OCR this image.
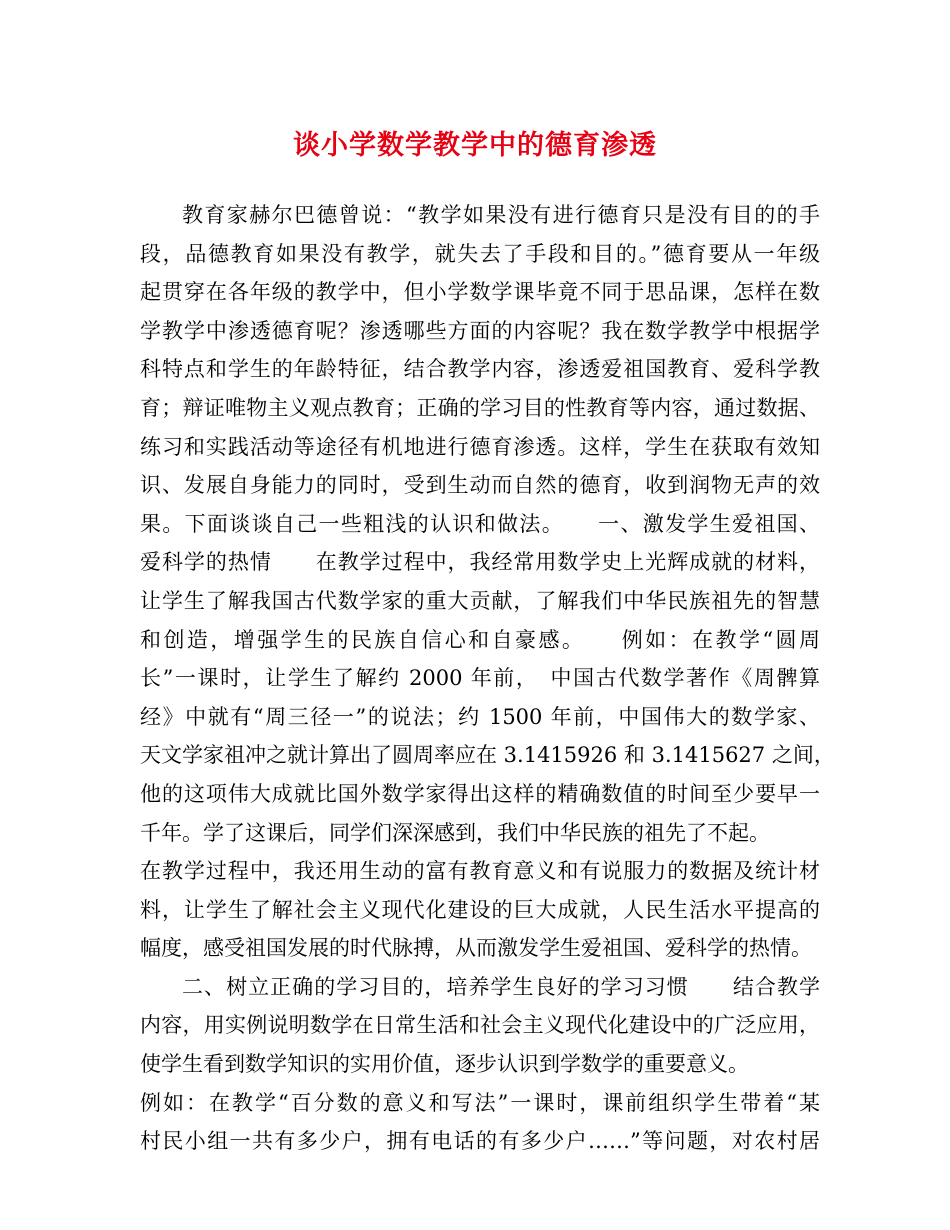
谈小学数学教学中的德育渗透
教育家赫尔巴德曾说：“教学如果没有进行德育只是没有目的的手
段，品德教育如果没有教学，就失去了手段和目的。”德育要从一年级
起贯穿在各年级的教学中，但小学数学课毕竟不同于思品课，怎样在数
学教学中渗透德育呢？渗透哪些方面的内容呢？我在数学教学中根据学
科特点和学生的年龄特征，结合教学内容，渗透爱祖国教育、爱科学教
育；辩证唯物主义观点教育；正确的学习目的性教育等内容，通过数据、
练习和实践活动等途径有机地进行德育渗透。这样，学生在获取有效知
识、发展自身能力的同时，受到生动而自然的德育，收到润物无声的效
果。下面谈谈自己一些粗浅的认识和做法。　　一、激发学生爱祖国、
爱科学的热情　　在教学过程中，我经常用数学史上光辉成就的材料，
让学生了解我国古代数学家的重大贡献，了解我们中华民族祖先的智慧
和创造，增强学生的民族自信心和自豪感。　　例如：在教学“圆周
长”一课时，让学生了解约 2000 年前，　中国古代数学著作《周髀算
经》中就有“周三径一”的说法；约 1500 年前，中国伟大的数学家、
天文学家祖冲之就计算出了圆周率应在 3.1415926 和 3.1415627 之间，
他的这项伟大成就比国外数学家得出这样的精确数值的时间至少要早一
千年。学了这课后，同学们深深感到，我们中华民族的祖先了不起。
在教学过程中，我还用生动的富有教育意义和有说服力的数据及统计材
料，让学生了解社会主义现代化建设的巨大成就，人民生活水平提高的
幅度，感受祖国发展的时代脉搏，从而激发学生爱祖国、爱科学的热情。
二、树立正确的学习目的，培养学生良好的学习习惯　　结合教学
内容，用实例说明数学在日常生活和社会主义现代化建设中的广泛应用，
使学生看到数学知识的实用价值，逐步认识到学数学的重要意义。
例如：在教学“百分数的意义和写法”一课时，课前组织学生带着“某
村民小组一共有多少户，拥有电话的有多少户……”等问题，对农村居
